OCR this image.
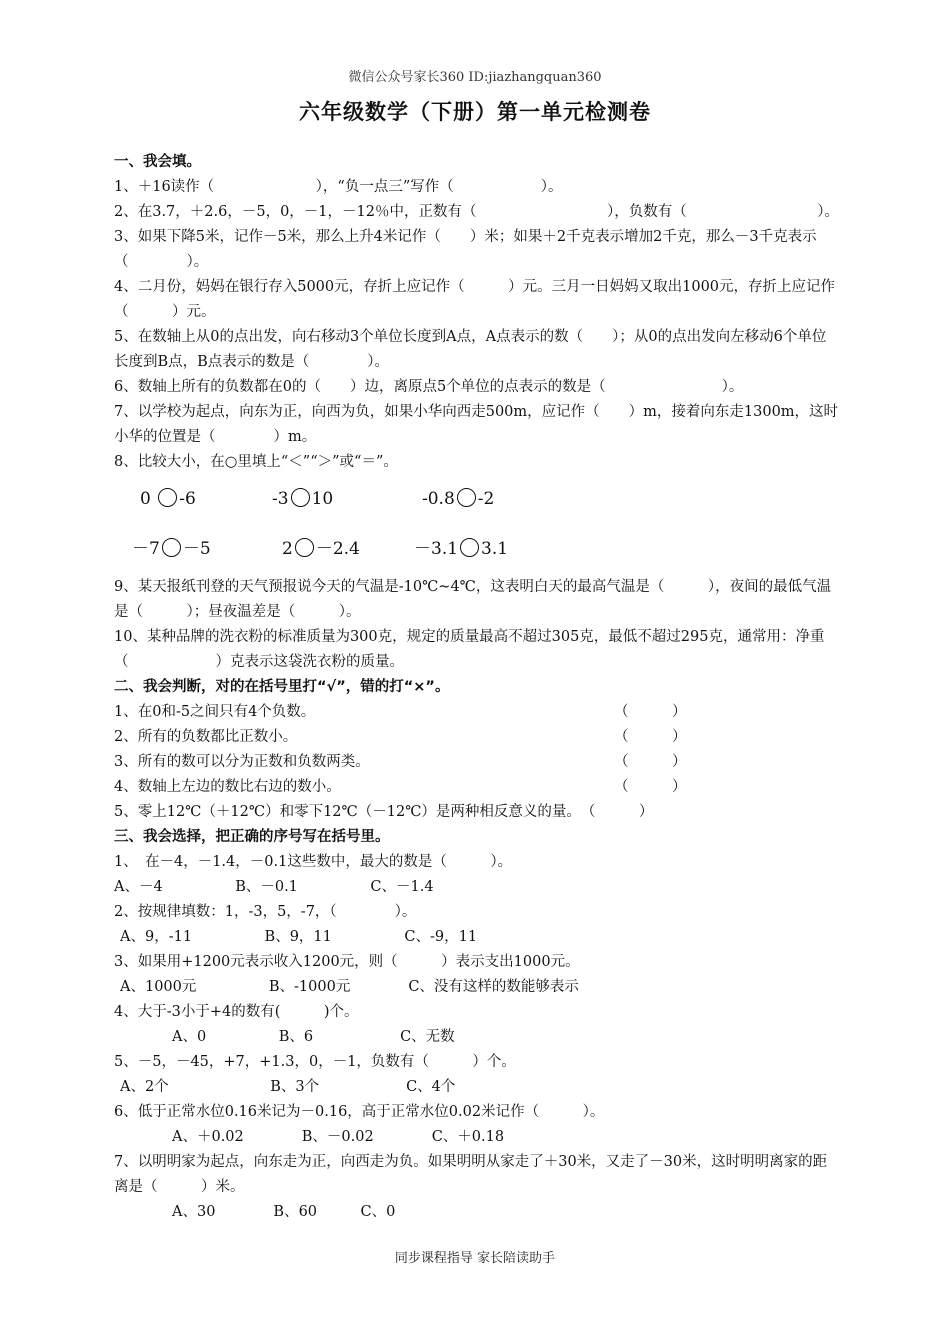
微信公众号家长360 ID:jiazhangquan360
六年级数学（下册）第一单元检测卷
一、我会填。
1、＋16读作（　　　　　　　），“负一点三”写作（　　　　　　）。
2、在3.7，＋2.6，－5，0，－1，－12％中，正数有（　　　　　　　　　），负数有（　　　　　　　　　）。
3、如果下降5米，记作－5米，那么上升4米记作（　　）米；如果＋2千克表示增加2千克，那么－3千克表示（　　　　）。
4、二月份，妈妈在银行存入5000元，存折上应记作（　　　）元。三月一日妈妈又取出1000元，存折上应记作（　　　）元。
5、在数轴上从0的点出发，向右移动3个单位长度到A点，A点表示的数（　　）；从0的点出发向左移动6个单位长度到B点，B点表示的数是（　　　　）。
6、数轴上所有的负数都在0的（　　）边，离原点5个单位的点表示的数是（　　　　　　　　）。
7、以学校为起点，向东为正，向西为负，如果小华向西走500m，应记作（　　）m，接着向东走1300m，这时小华的位置是（　　　　）m。
8、比较大小，在○里填上“＜”“＞”或“＝”。
0 -6	-3 10	-0.8 -2
－7 －5	2 －2.4	－3.1 3.1
9、某天报纸刊登的天气预报说今天的气温是-10℃~4℃，这表明白天的最高气温是（　　　），夜间的最低气温是（　　　）；昼夜温差是（　　　）。
10、某种品牌的洗衣粉的标准质量为300克，规定的质量最高不超过305克，最低不超过295克，通常用：净重（　　　　　　）克表示这袋洗衣粉的质量。
二、我会判断，对的在括号里打“√”，错的打“×”。
1、在0和-5之间只有4个负数。	（　　　）
2、所有的负数都比正数小。	（　　　）
3、所有的数可以分为正数和负数两类。	（　　　）
4、数轴上左边的数比右边的数小。	（　　　）
5、零上12℃（＋12℃）和零下12℃（－12℃）是两种相反意义的量。　（　　　）
三、我会选择，把正确的序号写在括号里。
1、　在－4，－1.4，－0.1这些数中，最大的数是（　　　）。
A、－4　　　　　B、－0.1　　　　　C、－1.4
2、按规律填数：1，-3，5，-7，（　　　　）。
A、9，-11　　　　　B、9，11　　　　　C、-9，11
3、如果用+1200元表示收入1200元，则（　　　）表示支出1000元。
A、1000元　　　　　B、-1000元　　　　C、没有这样的数能够表示
4、大于-3小于+4的数有(　　　)个。
A、0　　　　　B、6　　　　　　C、无数
5、－5，－45，+7，+1.3，0，－1，负数有（　　　）个。
A、2个　　　　　　　B、3个　　　　　　C、4个
6、低于正常水位0.16米记为－0.16，高于正常水位0.02米记作（　　　）。
A、＋0.02　　　　B、－0.02　　　　C、＋0.18
7、以明明家为起点，向东走为正，向西走为负。如果明明从家走了＋30米，又走了－30米，这时明明离家的距离是（　　　）米。
A、30　　　　B、60　　　C、0
同步课程指导 家长陪读助手
